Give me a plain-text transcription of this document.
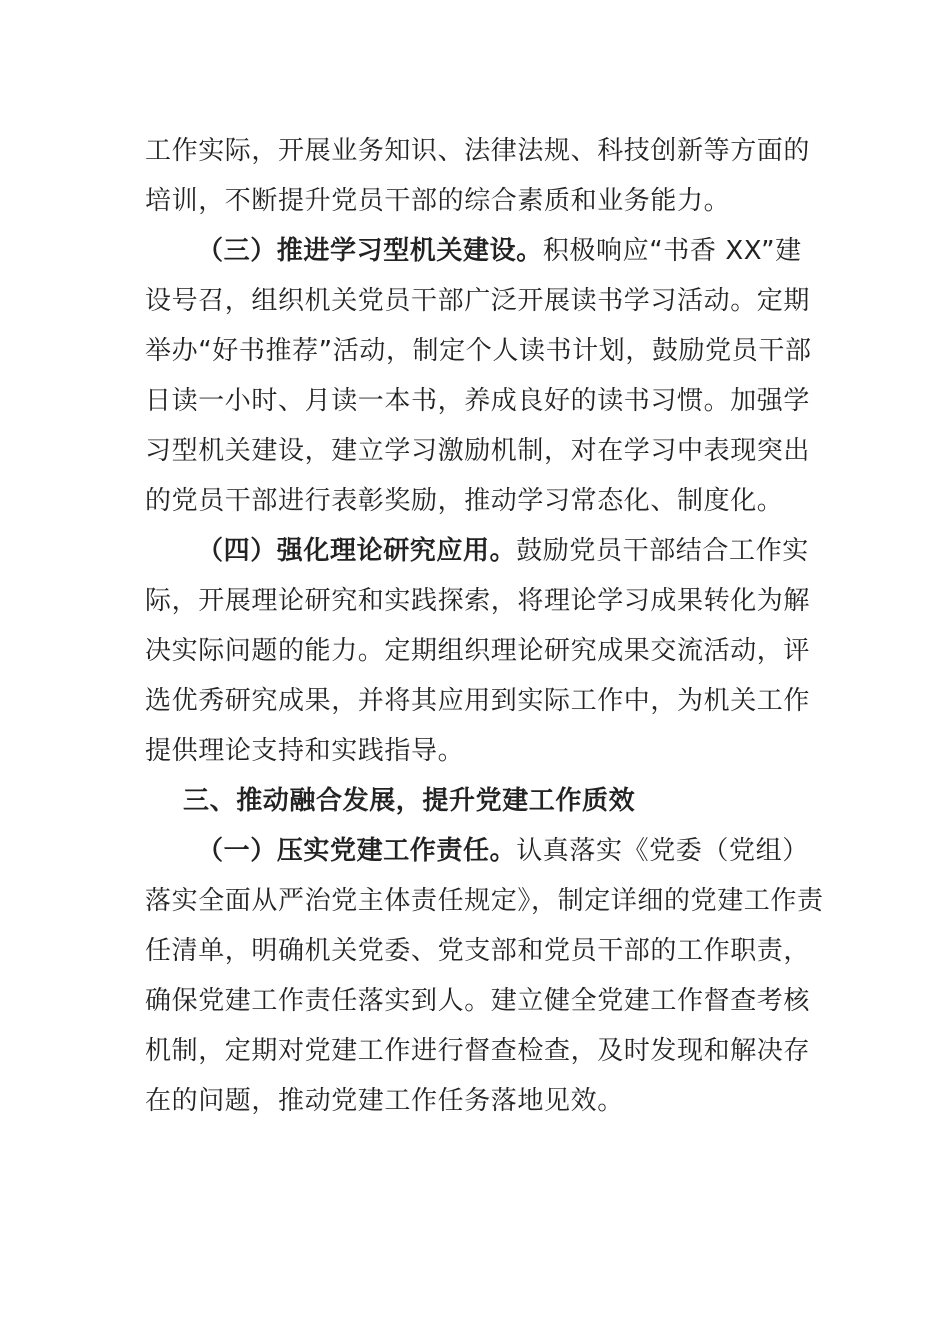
工作实际，开展业务知识、法律法规、科技创新等方面的培训，不断提升党员干部的综合素质和业务能力。

（三）推进学习型机关建设。积极响应“书香 XX”建设号召，组织机关党员干部广泛开展读书学习活动。定期举办“好书推荐”活动，制定个人读书计划，鼓励党员干部日读一小时、月读一本书，养成良好的读书习惯。加强学习型机关建设，建立学习激励机制，对在学习中表现突出的党员干部进行表彰奖励，推动学习常态化、制度化。

（四）强化理论研究应用。鼓励党员干部结合工作实际，开展理论研究和实践探索，将理论学习成果转化为解决实际问题的能力。定期组织理论研究成果交流活动，评选优秀研究成果，并将其应用到实际工作中，为机关工作提供理论支持和实践指导。

三、推动融合发展，提升党建工作质效

（一）压实党建工作责任。认真落实《党委（党组）落实全面从严治党主体责任规定》，制定详细的党建工作责任清单，明确机关党委、党支部和党员干部的工作职责，确保党建工作责任落实到人。建立健全党建工作督查考核机制，定期对党建工作进行督查检查，及时发现和解决存在的问题，推动党建工作任务落地见效。
